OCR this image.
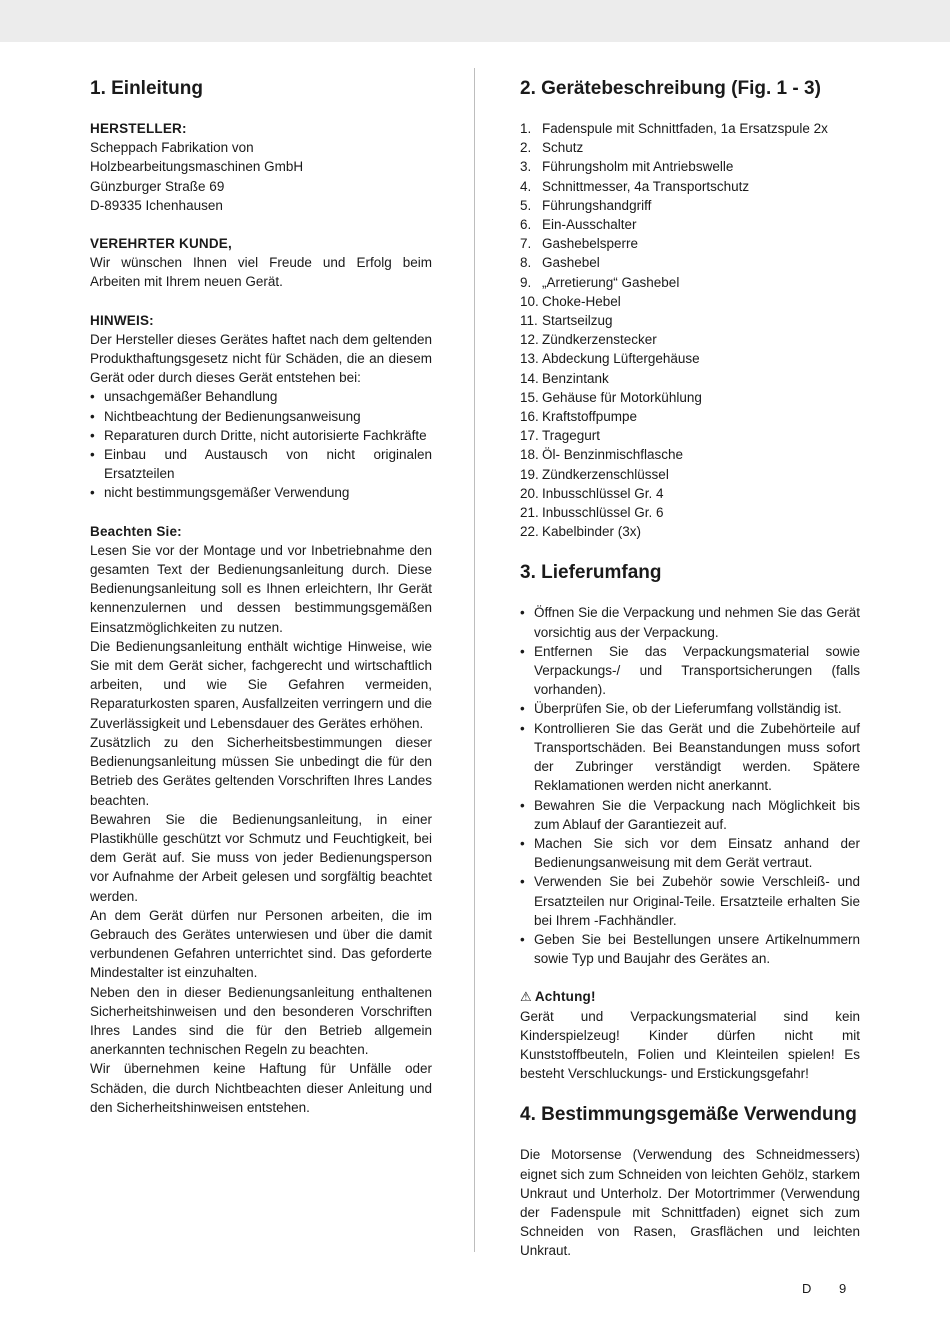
1. Einleitung
HERSTELLER:
Scheppach Fabrikation von
Holzbearbeitungsmaschinen GmbH
Günzburger Straße 69
D-89335 Ichenhausen
VEREHRTER KUNDE,

Wir wünschen Ihnen viel Freude und Erfolg beim Arbeiten mit Ihrem neuen Gerät.

HINWEIS:

Der Hersteller dieses Gerätes haftet nach dem geltenden Produkthaftungsgesetz nicht für Schäden, die an diesem Gerät oder durch dieses Gerät entstehen bei:

• unsachgemäßer Behandlung
• Nichtbeachtung der Bedienungsanweisung
• Reparaturen durch Dritte, nicht autorisierte Fachkräfte
• Einbau und Austausch von nicht originalen Ersatzteilen
• nicht bestimmungsgemäßer Verwendung
Beachten Sie:

Lesen Sie vor der Montage und vor Inbetriebnahme den gesamten Text der Bedienungsanleitung durch. Diese Bedienungsanleitung soll es Ihnen erleichtern, Ihr Gerät kennenzulernen und dessen bestimmungsgemäßen Einsatzmöglichkeiten zu nutzen.

Die Bedienungsanleitung enthält wichtige Hinweise, wie Sie mit dem Gerät sicher, fachgerecht und wirtschaftlich arbeiten, und wie Sie Gefahren vermeiden, Reparaturkosten sparen, Ausfallzeiten verringern und die Zuverlässigkeit und Lebensdauer des Gerätes erhöhen.

Zusätzlich zu den Sicherheitsbestimmungen dieser Bedienungsanleitung müssen Sie unbedingt die für den Betrieb des Gerätes geltenden Vorschriften Ihres Landes beachten.

Bewahren Sie die Bedienungsanleitung, in einer Plastikhülle geschützt vor Schmutz und Feuchtigkeit, bei dem Gerät auf. Sie muss von jeder Bedienungsperson vor Aufnahme der Arbeit gelesen und sorgfältig beachtet werden.

An dem Gerät dürfen nur Personen arbeiten, die im Gebrauch des Gerätes unterwiesen und über die damit verbundenen Gefahren unterrichtet sind. Das geforderte Mindestalter ist einzuhalten.

Neben den in dieser Bedienungsanleitung enthaltenen Sicherheitshinweisen und den besonderen Vorschriften Ihres Landes sind die für den Betrieb allgemein anerkannten technischen Regeln zu beachten.

Wir übernehmen keine Haftung für Unfälle oder Schäden, die durch Nichtbeachten dieser Anleitung und den Sicherheitshinweisen entstehen.

2. Gerätebeschreibung (Fig. 1 - 3)
1. Fadenspule mit Schnittfaden, 1a Ersatzspule 2x
2. Schutz
3. Führungsholm mit Antriebswelle
4. Schnittmesser, 4a Transportschutz
5. Führungshandgriff
6. Ein-Ausschalter
7. Gashebelsperre
8. Gashebel
9. „Arretierung“ Gashebel
10. Choke-Hebel
11. Startseilzug
12. Zündkerzenstecker
13. Abdeckung Lüftergehäuse
14. Benzintank
15. Gehäuse für Motorkühlung
16. Kraftstoffpumpe
17. Tragegurt
18. Öl- Benzinmischflasche
19. Zündkerzenschlüssel
20. Inbusschlüssel Gr. 4
21. Inbusschlüssel Gr. 6
22. Kabelbinder (3x)
3. Lieferumfang
• Öffnen Sie die Verpackung und nehmen Sie das Gerät vorsichtig aus der Verpackung.
• Entfernen Sie das Verpackungsmaterial sowie Verpackungs-/ und Transportsicherungen (falls vorhanden).
• Überprüfen Sie, ob der Lieferumfang vollständig ist.
• Kontrollieren Sie das Gerät und die Zubehörteile auf Transportschäden. Bei Beanstandungen muss sofort der Zubringer verständigt werden. Spätere Reklamationen werden nicht anerkannt.
• Bewahren Sie die Verpackung nach Möglichkeit bis zum Ablauf der Garantiezeit auf.
• Machen Sie sich vor dem Einsatz anhand der Bedienungsanweisung mit dem Gerät vertraut.
• Verwenden Sie bei Zubehör sowie Verschleiß- und Ersatzteilen nur Original-Teile. Ersatzteile erhalten Sie bei Ihrem -Fachhändler.
• Geben Sie bei Bestellungen unsere Artikelnummern sowie Typ und Baujahr des Gerätes an.
⚠ Achtung!

Gerät und Verpackungsmaterial sind kein Kinderspielzeug! Kinder dürfen nicht mit Kunststoffbeuteln, Folien und Kleinteilen spielen! Es besteht Verschluckungs- und Erstickungsgefahr!

4. Bestimmungsgemäße Verwendung

Die Motorsense (Verwendung des Schneidmessers) eignet sich zum Schneiden von leichten Gehölz, starkem Unkraut und Unterholz. Der Motortrimmer (Verwendung der Fadenspule mit Schnittfaden) eignet sich zum Schneiden von Rasen, Grasflächen und leichten Unkraut.

D 9
